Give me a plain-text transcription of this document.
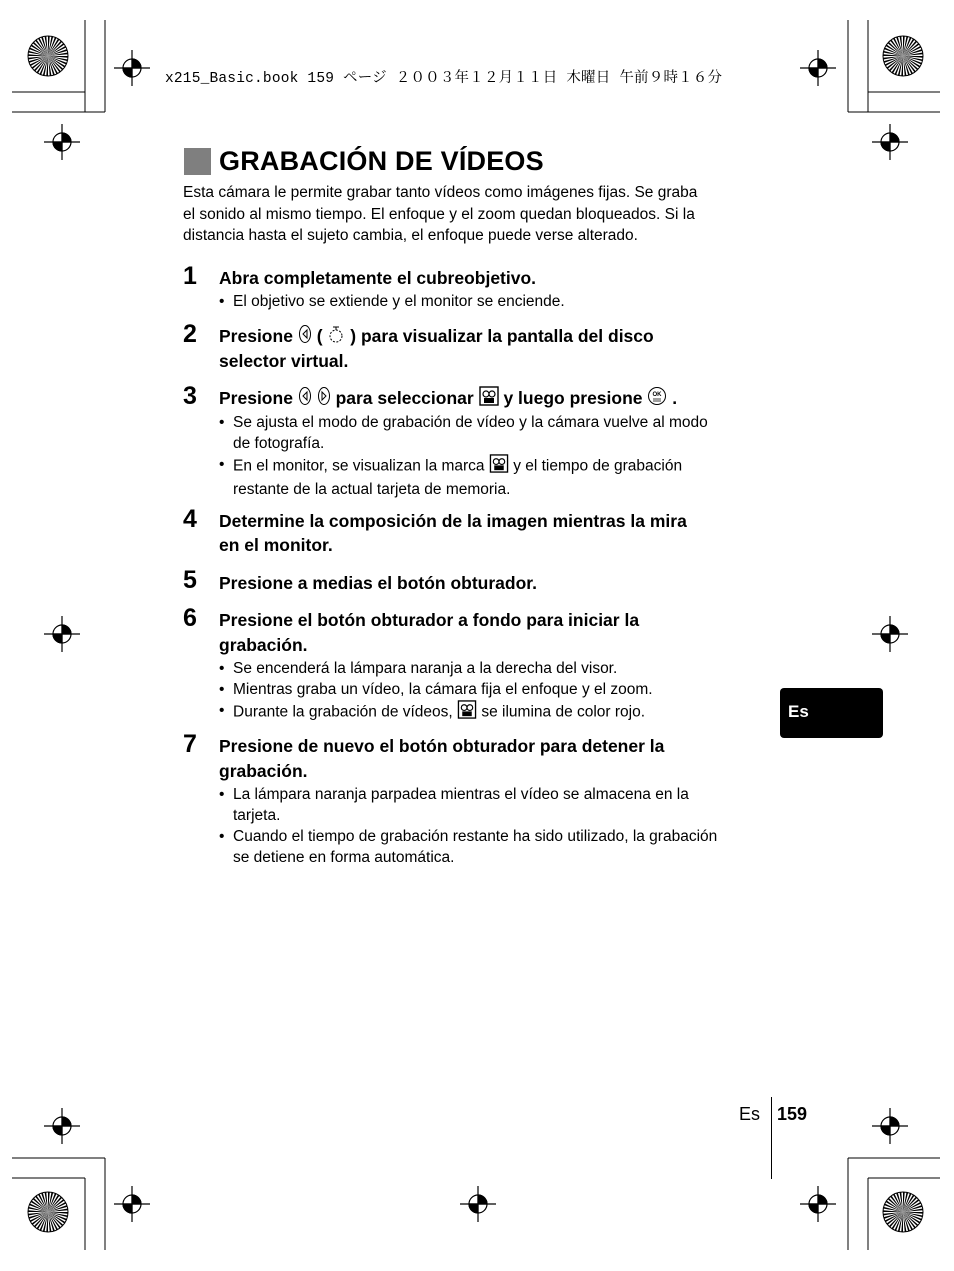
x215_Basic.book 159 ページ ２００３年１２月１１日 木曜日 午前９時１６分
GRABACIÓN DE VÍDEOS
Esta cámara le permite grabar tanto vídeos como imágenes fijas. Se graba
el sonido al mismo tiempo. El enfoque y el zoom quedan bloqueados. Si la
distancia hasta el sujeto cambia, el enfoque puede verse alterado.
1 Abra completamente el cubreobjetivo.
• El objetivo se extiende y el monitor se enciende.
2 Presione ( ) para visualizar la pantalla del disco
selector virtual.
3 Presione para seleccionar y luego presione OK .
• Se ajusta el modo de grabación de vídeo y la cámara vuelve al modo
de fotografía.
• En el monitor, se visualizan la marca y el tiempo de grabación
restante de la actual tarjeta de memoria.
4 Determine la composición de la imagen mientras la mira
en el monitor.
5 Presione a medias el botón obturador.
6 Presione el botón obturador a fondo para iniciar la
grabación.
• Se encenderá la lámpara naranja a la derecha del visor.
• Mientras graba un vídeo, la cámara fija el enfoque y el zoom.
• Durante la grabación de vídeos, se ilumina de color rojo.
7 Presione de nuevo el botón obturador para detener la
grabación.
• La lámpara naranja parpadea mientras el vídeo se almacena en la
tarjeta.
• Cuando el tiempo de grabación restante ha sido utilizado, la grabación
se detiene en forma automática.
Es
Es 159
